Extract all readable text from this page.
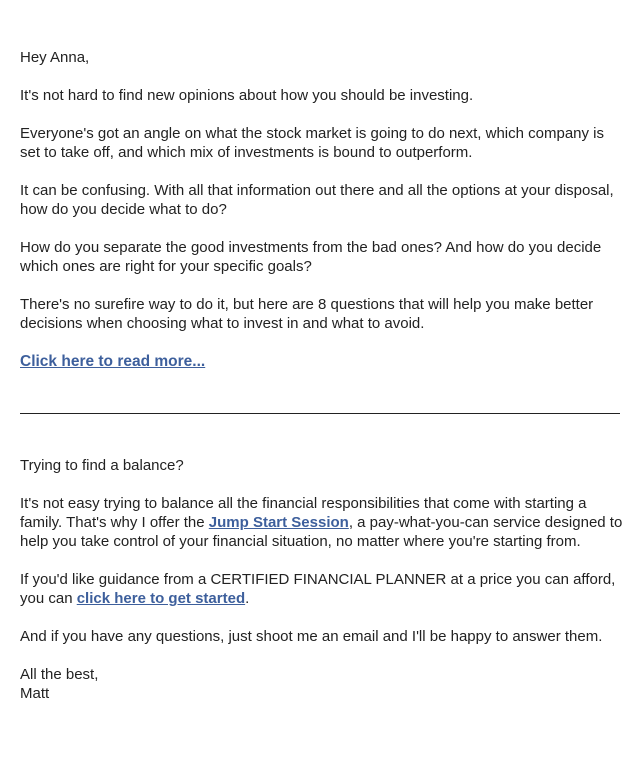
Hey Anna,

It's not hard to find new opinions about how you should be investing.

Everyone's got an angle on what the stock market is going to do next, which company is set to take off, and which mix of investments is bound to outperform.

It can be confusing. With all that information out there and all the options at your disposal, how do you decide what to do?

How do you separate the good investments from the bad ones? And how do you decide which ones are right for your specific goals?

There's no surefire way to do it, but here are 8 questions that will help you make better decisions when choosing what to invest in and what to avoid.

Click here to read more...

Trying to find a balance?

It's not easy trying to balance all the financial responsibilities that come with starting a family. That's why I offer the Jump Start Session, a pay-what-you-can service designed to help you take control of your financial situation, no matter where you're starting from.

If you'd like guidance from a CERTIFIED FINANCIAL PLANNER at a price you can afford, you can click here to get started.

And if you have any questions, just shoot me an email and I'll be happy to answer them.

All the best,

Matt
